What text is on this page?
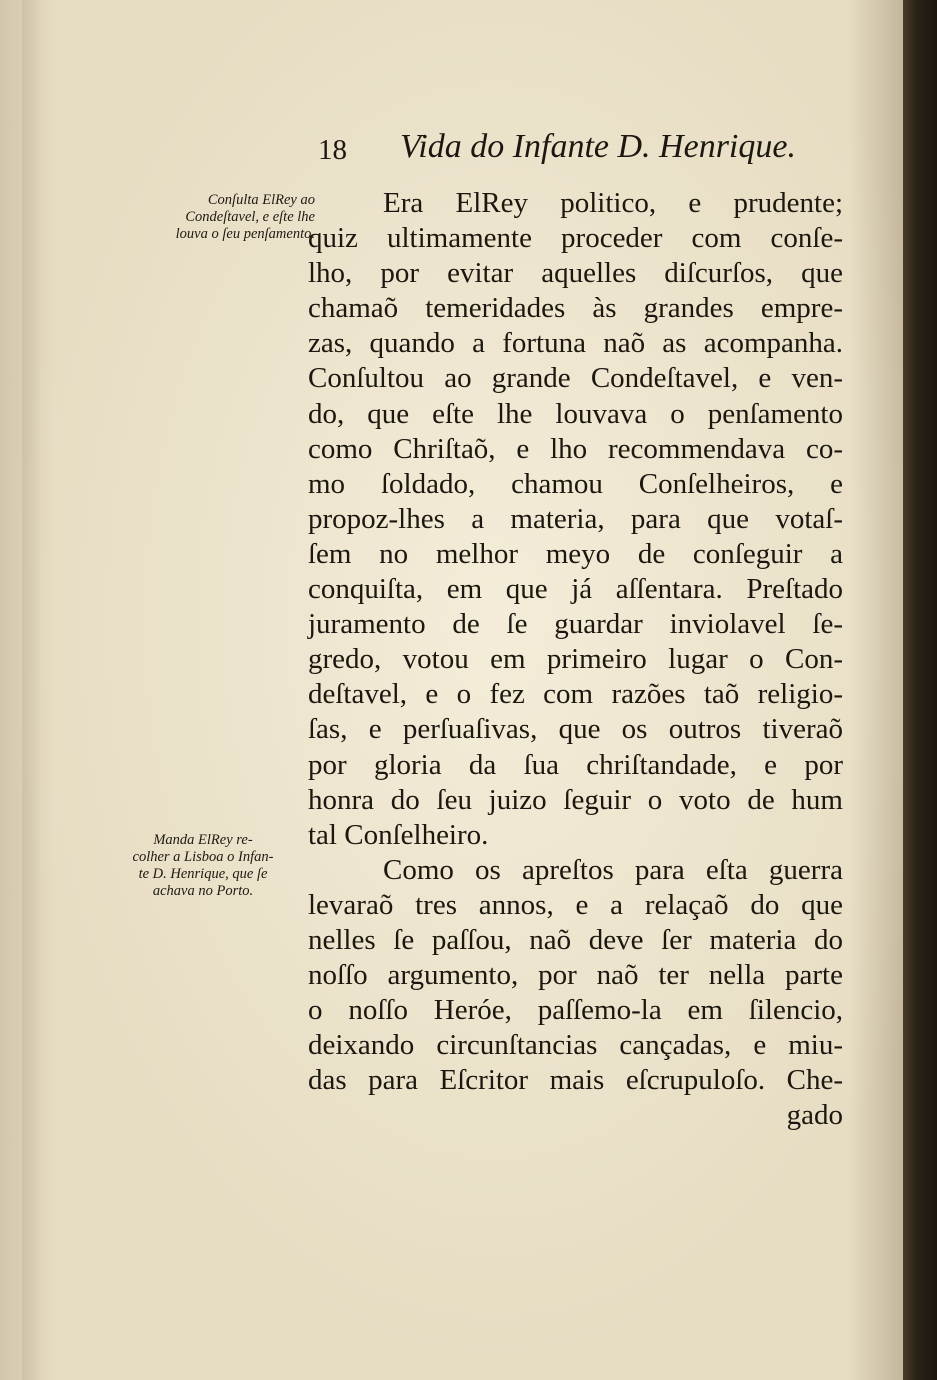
18 Vida do Infante D. Henrique.
Conſulta ElRey ao
Condeſtavel, e eſte lhe
louva o ſeu penſamento.
Manda ElRey re-
colher a Lisboa o Infan-
te D. Henrique, que ſe
achava no Porto.
Era ElRey politico, e prudente;
quiz ultimamente proceder com conſe-
lho, por evitar aquelles diſcurſos, que
chamaõ temeridades às grandes empre-
zas, quando a fortuna naõ as acompanha.
Conſultou ao grande Condeſtavel, e ven-
do, que eſte lhe louvava o penſamento
como Chriſtaõ, e lho recommendava co-
mo ſoldado, chamou Conſelheiros, e
propoz-lhes a materia, para que votaſ-
ſem no melhor meyo de conſeguir a
conquiſta, em que já aſſentara. Preſtado
juramento de ſe guardar inviolavel ſe-
gredo, votou em primeiro lugar o Con-
deſtavel, e o fez com razões taõ religio-
ſas, e perſuaſivas, que os outros tiveraõ
por gloria da ſua chriſtandade, e por
honra do ſeu juizo ſeguir o voto de hum
tal Conſelheiro.
Como os apreſtos para eſta guerra
levaraõ tres annos, e a relaçaõ do que
nelles ſe paſſou, naõ deve ſer materia do
noſſo argumento, por naõ ter nella parte
o noſſo Heróe, paſſemo-la em ſilencio,
deixando circunſtancias cançadas, e miu-
das para Eſcritor mais eſcrupuloſo. Che-
gado
